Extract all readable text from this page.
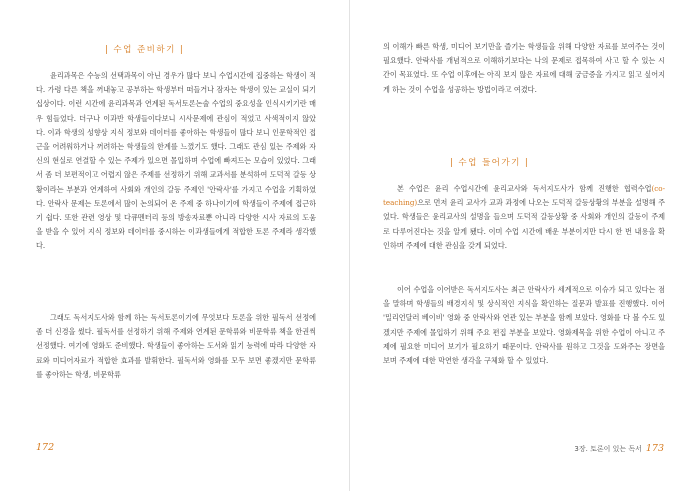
| 수업 준비하기 |

윤리과목은 수능의 선택과목이 아닌 경우가 많다 보니 수업시간에 집중하는 학생이 적다. 가령 다른 책을 꺼내놓고 공부하는 학생부터 떠들거나 잠자는 학생이 있는 교실이 되기 십상이다. 이런 시간에 윤리과목과 연계된 독서토론논술 수업의 중요성을 인식시키기란 매우 힘들었다. 더구나 이과반 학생들이다보니 시사문제에 관심이 적었고 사색적이지 않았다. 이과 학생의 성향상 지식 정보와 데이터를 좋아하는 학생들이 많다 보니 인문학적인 접근을 어려워하거나 꺼려하는 학생들의 한계를 느꼈기도 했다. 그래도 관심 있는 주제와 자신의 현실로 연결할 수 있는 주제가 있으면 몰입하며 수업에 빠져드는 모습이 있었다. 그래서 좀 더 보편적이고 어렵지 않은 주제를 선정하기 위해 교과서를 분석하여 도덕적 갈등 상황이라는 부분과 연계하여 사회와 개인의 갈등 주제인 '안락사'를 가지고 수업을 기획하였다. 안락사 문제는 토론에서 많이 논의되어 온 주제 중 하나이기에 학생들이 주제에 접근하기 쉽다. 또한 관련 영상 및 다큐멘터리 등의 방송자료뿐 아니라 다양한 시사 자료의 도움을 받을 수 있어 지식 정보와 데이터를 중시하는 이과생들에게 적합한 토론 주제라 생각했다.

그래도 독서지도사와 함께 하는 독서토론이기에 무엇보다 토론을 위한 필독서 선정에 좀 더 신경을 썼다. 필독서를 선정하기 위해 주제와 연계된 문학류와 비문학류 책을 한권씩 선정했다. 여기에 영화도 준비했다. 학생들이 좋아하는 도서와 읽기 능력에 따라 다양한 자료와 미디어자료가 적합한 효과를 발휘한다. 필독서와 영화를 모두 보면 좋겠지만 문학류를 좋아하는 학생, 비문학류

172

의 이해가 빠른 학생, 미디어 보기만을 즐기는 학생들을 위해 다양한 자료를 보여주는 것이 필요했다. 안락사를 개념적으로 이해하기보다는 나의 문제로 접목하여 사고 할 수 있는 시간이 목표였다. 또 수업 이후에는 아직 보지 않은 자료에 대해 궁금증을 가지고 읽고 싶어지게 하는 것이 수업을 성공하는 방법이라고 여겼다.

| 수업 들어가기 |

본 수업은 윤리 수업시간에 윤리교사와 독서지도사가 함께 진행한 협력수업(co-teaching)으로 먼저 윤리 교사가 교과 과정에 나오는 도덕적 갈등상황의 부분을 설명해 주었다. 학생들은 윤리교사의 설명을 들으며 도덕적 갈등상황 중 사회와 개인의 갈등이 주제로 다루어진다는 것을 알게 됐다. 이미 수업 시간에 배운 부분이지만 다시 한 번 내용을 확인하며 주제에 대한 관심을 갖게 되었다.

이어 수업을 이어받은 독서지도사는 최근 안락사가 세계적으로 이슈가 되고 있다는 점을 말하며 학생들의 배경지식 및 상식적인 지식을 확인하는 질문과 발표를 진행했다. 이어 '밀리언달러 베이비' 영화 중 안락사와 연관 있는 부분을 함께 보았다. 영화를 다 볼 수도 있겠지만 주제에 몰입하기 위해 주요 편집 부분을 보았다. 영화제목을 위한 수업이 아니고 주제에 필요한 미디어 보기가 필요하기 때문이다. 안락사를 원하고 그것을 도와주는 장면을 보며 주제에 대한 막연한 생각을 구체화 할 수 있었다.

3장. 토론이 있는 독서 173
